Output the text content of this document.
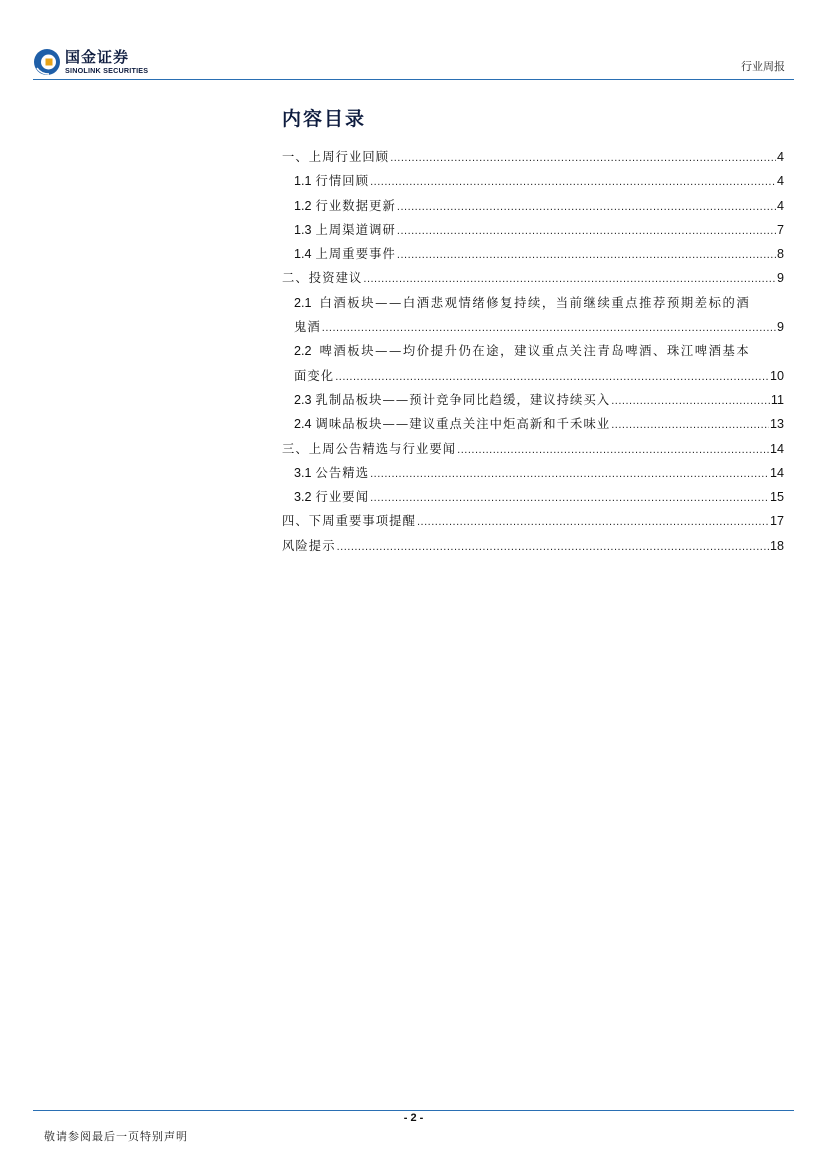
国金证券
SINOLINK SECURITIES	行业周报
内容目录
一、上周行业回顾 .....	4
1.1 行情回顾 .....	4
1.2 行业数据更新 .....	4
1.3 上周渠道调研 .....	7
1.4 上周重要事件 .....	8
二、投资建议 .....	9
2.1 白酒板块——白酒悲观情绪修复持续，当前继续重点推荐预期差标的酒
鬼酒 .....	9
2.2 啤酒板块——均价提升仍在途，建议重点关注青岛啤酒、珠江啤酒基本
面变化 .....	10
2.3 乳制品板块——预计竞争同比趋缓，建议持续买入 .....	11
2.4 调味品板块——建议重点关注中炬高新和千禾味业 .....	13
三、上周公告精选与行业要闻 .....	14
3.1 公告精选 .....	14
3.2 行业要闻 .....	15
四、下周重要事项提醒 .....	17
风险提示 .....	18
- 2 -
敬请参阅最后一页特别声明
